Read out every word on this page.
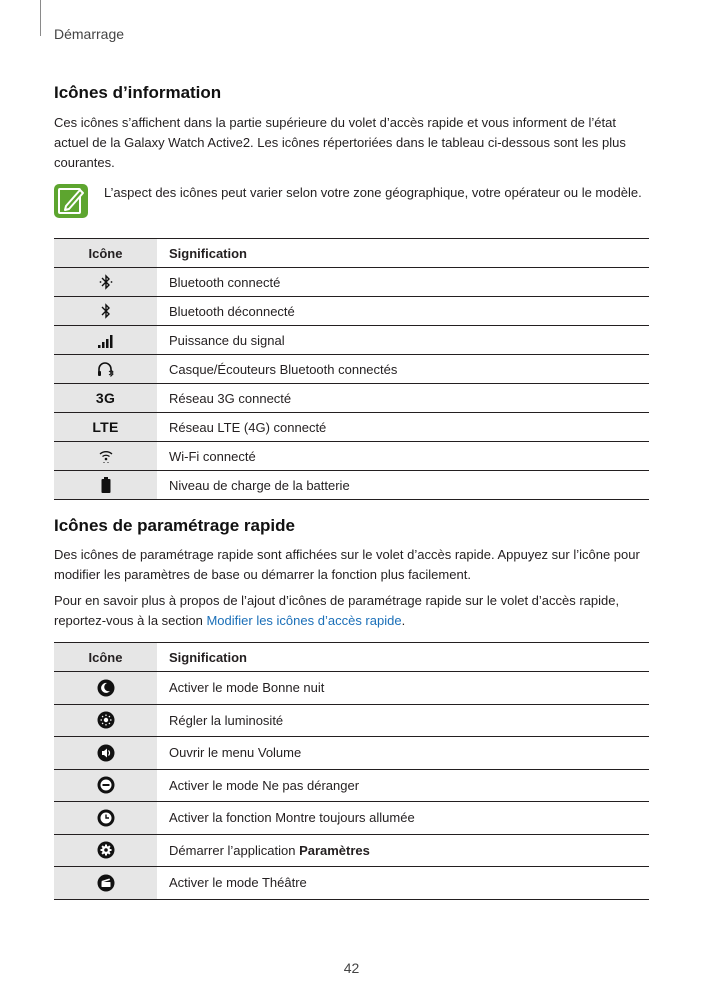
Démarrage
Icônes d’information

Ces icônes s’affichent dans la partie supérieure du volet d’accès rapide et vous informent de l’état actuel de la Galaxy Watch Active2. Les icônes répertoriées dans le tableau ci-dessous sont les plus courantes.

L’aspect des icônes peut varier selon votre zone géographique, votre opérateur ou le modèle.

Icône	Signification
	Bluetooth connecté
	Bluetooth déconnecté
	Puissance du signal
	Casque/Écouteurs Bluetooth connectés
3G	Réseau 3G connecté
LTE	Réseau LTE (4G) connecté
	Wi-Fi connecté
	Niveau de charge de la batterie
Icônes de paramétrage rapide

Des icônes de paramétrage rapide sont affichées sur le volet d’accès rapide. Appuyez sur l’icône pour modifier les paramètres de base ou démarrer la fonction plus facilement.

Pour en savoir plus à propos de l’ajout d’icônes de paramétrage rapide sur le volet d’accès rapide, reportez-vous à la section Modifier les icônes d’accès rapide.

Icône	Signification
	Activer le mode Bonne nuit
	Régler la luminosité
	Ouvrir le menu Volume
	Activer le mode Ne pas déranger
	Activer la fonction Montre toujours allumée
	Démarrer l’application Paramètres
	Activer le mode Théâtre
42
